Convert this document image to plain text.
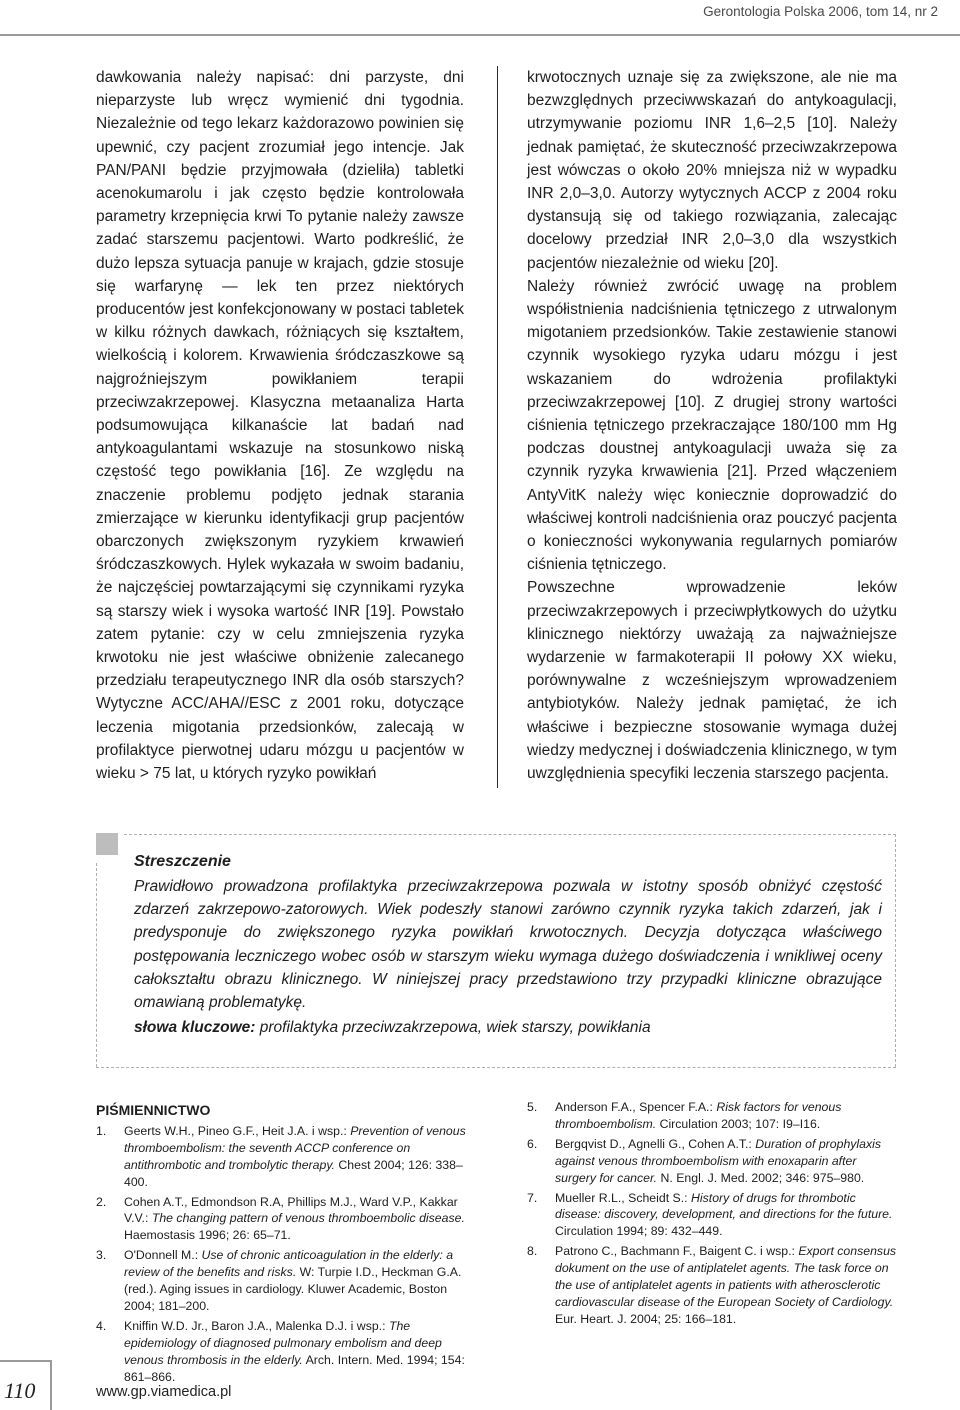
Gerontologia Polska 2006, tom 14, nr 2

dawkowania należy napisać: dni parzyste, dni nieparzyste lub wręcz wymienić dni tygodnia. Niezależnie od tego lekarz każdorazowo powinien się upewnić, czy pacjent zrozumiał jego intencje. Jak PAN/PANI będzie przyjmowała (dzieliła) tabletki acenokumarolu i jak często będzie kontrolowała parametry krzepnięcia krwi To pytanie należy zawsze zadać starszemu pacjentowi. Warto podkreślić, że dużo lepsza sytuacja panuje w krajach, gdzie stosuje się warfarynę — lek ten przez niektórych producentów jest konfekcjonowany w postaci tabletek w kilku różnych dawkach, różniących się kształtem, wielkością i kolorem. Krwawienia śródczaszkowe są najgroźniejszym powikłaniem terapii przeciwzakrzepowej. Klasyczna metaanaliza Harta podsumowująca kilkanaście lat badań nad antykoagulantami wskazuje na stosunkowo niską częstość tego powikłania [16]. Ze względu na znaczenie problemu podjęto jednak starania zmierzające w kierunku identyfikacji grup pacjentów obarczonych zwiększonym ryzykiem krwawień śródczaszkowych. Hylek wykazała w swoim badaniu, że najczęściej powtarzającymi się czynnikami ryzyka są starszy wiek i wysoka wartość INR [19]. Powstało zatem pytanie: czy w celu zmniejszenia ryzyka krwotoku nie jest właściwe obniżenie zalecanego przedziału terapeutycznego INR dla osób starszych? Wytyczne ACC/AHA//ESC z 2001 roku, dotyczące leczenia migotania przedsionków, zalecają w profilaktyce pierwotnej udaru mózgu u pacjentów w wieku > 75 lat, u których ryzyko powikłań

krwotocznych uznaje się za zwiększone, ale nie ma bezwzględnych przeciwwskazań do antykoagulacji, utrzymywanie poziomu INR 1,6–2,5 [10]. Należy jednak pamiętać, że skuteczność przeciwzakrzepowa jest wówczas o około 20% mniejsza niż w wypadku INR 2,0–3,0. Autorzy wytycznych ACCP z 2004 roku dystansują się od takiego rozwiązania, zalecając docelowy przedział INR 2,0–3,0 dla wszystkich pacjentów niezależnie od wieku [20].

Należy również zwrócić uwagę na problem współistnienia nadciśnienia tętniczego z utrwalonym migotaniem przedsionków. Takie zestawienie stanowi czynnik wysokiego ryzyka udaru mózgu i jest wskazaniem do wdrożenia profilaktyki przeciwzakrzepowej [10]. Z drugiej strony wartości ciśnienia tętniczego przekraczające 180/100 mm Hg podczas doustnej antykoagulacji uważa się za czynnik ryzyka krwawienia [21]. Przed włączeniem AntyVitK należy więc koniecznie doprowadzić do właściwej kontroli nadciśnienia oraz pouczyć pacjenta o konieczności wykonywania regularnych pomiarów ciśnienia tętniczego.

Powszechne wprowadzenie leków przeciwzakrzepowych i przeciwpłytkowych do użytku klinicznego niektórzy uważają za najważniejsze wydarzenie w farmakoterapii II połowy XX wieku, porównywalne z wcześniejszym wprowadzeniem antybiotyków. Należy jednak pamiętać, że ich właściwe i bezpieczne stosowanie wymaga dużej wiedzy medycznej i doświadczenia klinicznego, w tym uwzględnienia specyfiki leczenia starszego pacjenta.

Streszczenie

Prawidłowo prowadzona profilaktyka przeciwzakrzepowa pozwala w istotny sposób obniżyć częstość zdarzeń zakrzepowo-zatorowych. Wiek podeszły stanowi zarówno czynnik ryzyka takich zdarzeń, jak i predysponuje do zwiększonego ryzyka powikłań krwotocznych. Decyzja dotycząca właściwego postępowania leczniczego wobec osób w starszym wieku wymaga dużego doświadczenia i wnikliwej oceny całokształtu obrazu klinicznego. W niniejszej pracy przedstawiono trzy przypadki kliniczne obrazujące omawianą problematykę.

słowa kluczowe: profilaktyka przeciwzakrzepowa, wiek starszy, powikłania
PIŚMIENNICTWO
1.	Geerts W.H., Pineo G.F., Heit J.A. i wsp.: Prevention of venous thromboembolism: the seventh ACCP conference on antithrombotic and trombolytic therapy. Chest 2004; 126: 338–400.
2.	Cohen A.T., Edmondson R.A, Phillips M.J., Ward V.P., Kakkar V.V.: The changing pattern of venous thromboembolic disease. Haemostasis 1996; 26: 65–71.
3.	O'Donnell M.: Use of chronic anticoagulation in the elderly: a review of the benefits and risks. W: Turpie I.D., Heckman G.A. (red.). Aging issues in cardiology. Kluwer Academic, Boston 2004; 181–200.
4.	Kniffin W.D. Jr., Baron J.A., Malenka D.J. i wsp.: The epidemiology of diagnosed pulmonary embolism and deep venous thrombosis in the elderly. Arch. Intern. Med. 1994; 154: 861–866.
5.	Anderson F.A., Spencer F.A.: Risk factors for venous thromboembolism. Circulation 2003; 107: I9–I16.
6.	Bergqvist D., Agnelli G., Cohen A.T.: Duration of prophylaxis against venous thromboembolism with enoxaparin after surgery for cancer. N. Engl. J. Med. 2002; 346: 975–980.
7.	Mueller R.L., Scheidt S.: History of drugs for thrombotic disease: discovery, development, and directions for the future. Circulation 1994; 89: 432–449.
8.	Patrono C., Bachmann F., Baigent C. i wsp.: Export consensus dokument on the use of antiplatelet agents. The task force on the use of antiplatelet agents in patients with atherosclerotic cardiovascular disease of the European Society of Cardiology. Eur. Heart. J. 2004; 25: 166–181.
110	www.gp.viamedica.pl
